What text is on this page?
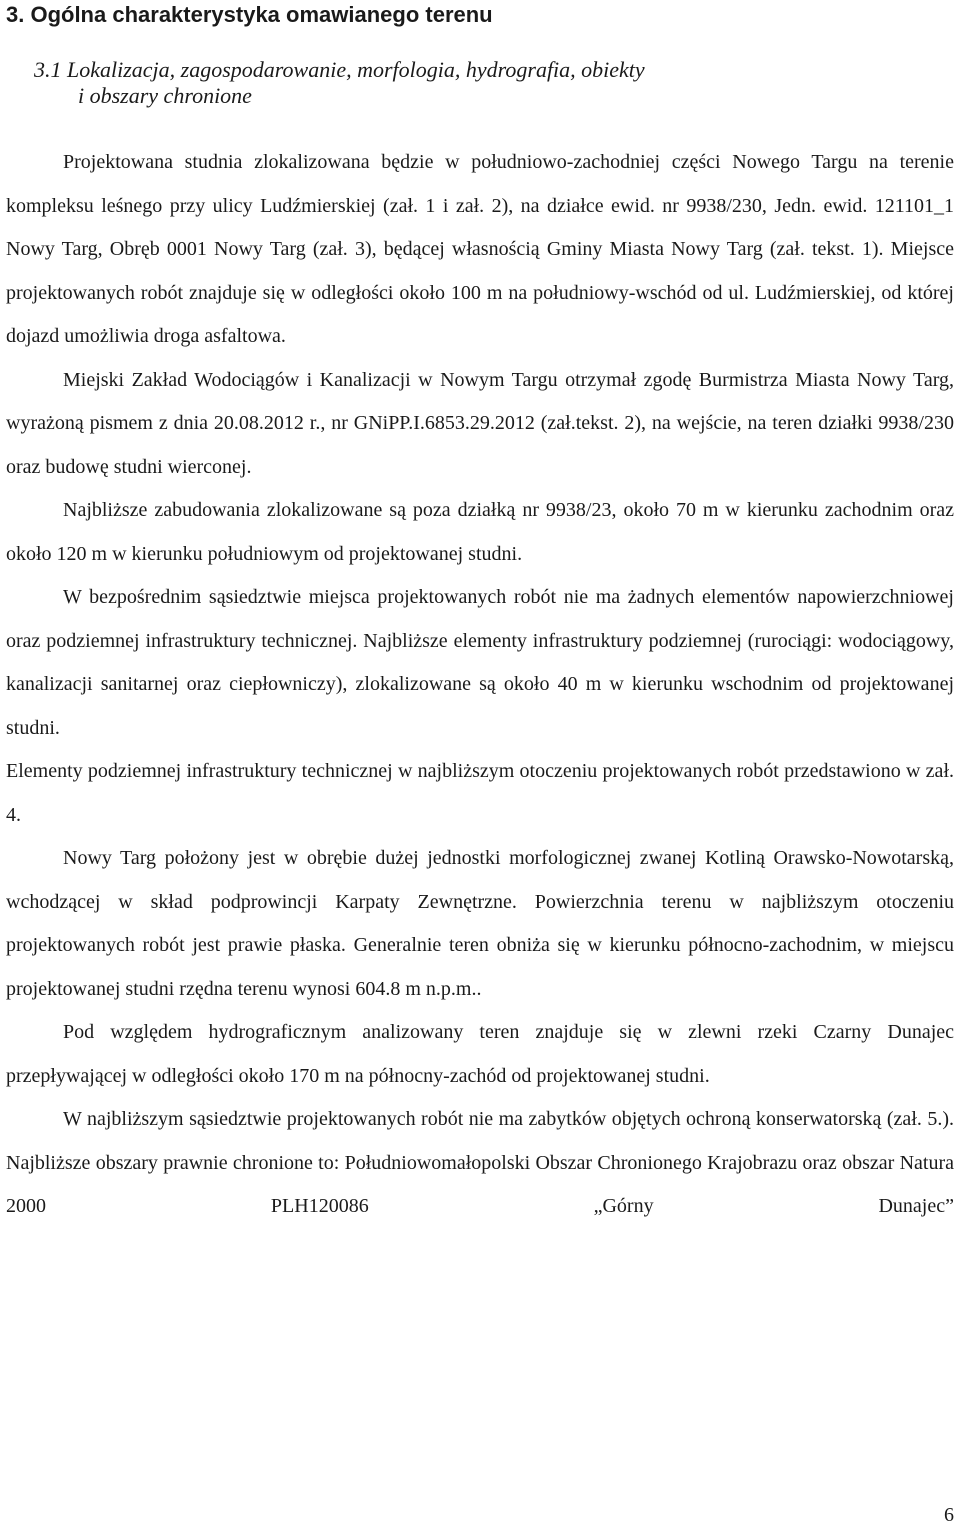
3. Ogólna charakterystyka omawianego terenu
3.1 Lokalizacja, zagospodarowanie, morfologia, hydrografia, obiekty
i obszary chronione

Projektowana studnia zlokalizowana będzie w południowo-zachodniej części Nowego Targu na terenie kompleksu leśnego przy ulicy Ludźmierskiej (zał. 1 i zał. 2), na działce ewid. nr 9938/230, Jedn. ewid. 121101_1 Nowy Targ, Obręb 0001 Nowy Targ (zał. 3), będącej własnością Gminy Miasta Nowy Targ (zał. tekst. 1). Miejsce projektowanych robót znajduje się w odległości około 100 m na południowy-wschód od ul. Ludźmierskiej, od której dojazd umożliwia droga asfaltowa.

Miejski Zakład Wodociągów i Kanalizacji w Nowym Targu otrzymał zgodę Burmistrza Miasta Nowy Targ, wyrażoną pismem z dnia 20.08.2012 r., nr GNiPP.I.6853.29.2012 (zał.tekst. 2), na wejście, na teren działki 9938/230 oraz budowę studni wierconej.

Najbliższe zabudowania zlokalizowane są poza działką nr 9938/23, około 70 m w kierunku zachodnim oraz około 120 m w kierunku południowym od projektowanej studni.

W bezpośrednim sąsiedztwie miejsca projektowanych robót nie ma żadnych elementów napowierzchniowej oraz podziemnej infrastruktury technicznej. Najbliższe elementy infrastruktury podziemnej (rurociągi: wodociągowy, kanalizacji sanitarnej oraz ciepłowniczy), zlokalizowane są około 40 m w kierunku wschodnim od projektowanej studni.

Elementy podziemnej infrastruktury technicznej w najbliższym otoczeniu projektowanych robót przedstawiono w zał. 4.

Nowy Targ położony jest w obrębie dużej jednostki morfologicznej zwanej Kotliną Orawsko-Nowotarską, wchodzącej w skład podprowincji Karpaty Zewnętrzne. Powierzchnia terenu w najbliższym otoczeniu projektowanych robót jest prawie płaska. Generalnie teren obniża się w kierunku północno-zachodnim, w miejscu projektowanej studni rzędna terenu wynosi 604.8 m n.p.m..

Pod względem hydrograficznym analizowany teren znajduje się w zlewni rzeki Czarny Dunajec przepływającej w odległości około 170 m na północny-zachód od projektowanej studni.

W najbliższym sąsiedztwie projektowanych robót nie ma zabytków objętych ochroną konserwatorską (zał. 5.). Najbliższe obszary prawnie chronione to: Południowomałopolski Obszar Chronionego Krajobrazu oraz obszar Natura 2000 PLH120086 „Górny Dunajec”

6
